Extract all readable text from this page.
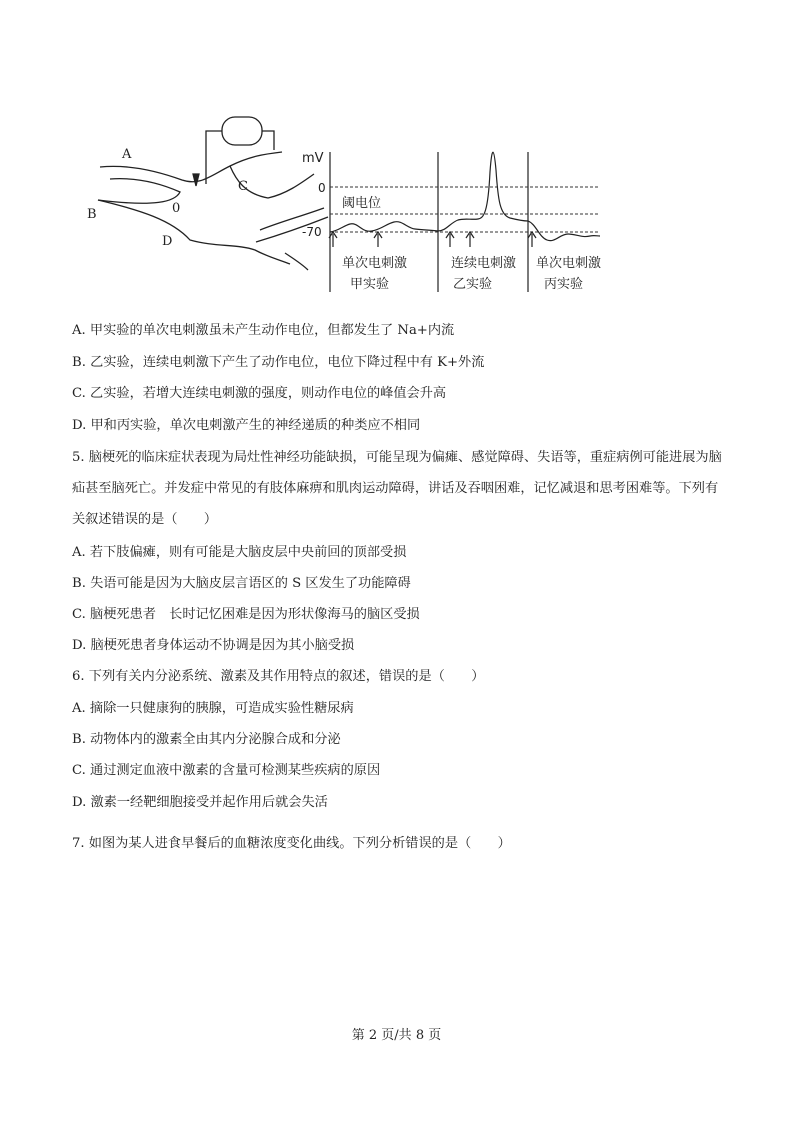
A
B
C
D
0
mV
0
-70
阈电位
单次电刺激
甲实验
连续电刺激
乙实验
单次电刺激
丙实验
A. 甲实验的单次电刺激虽未产生动作电位，但都发生了 Na+内流
B. 乙实验，连续电刺激下产生了动作电位，电位下降过程中有 K+外流
C. 乙实验，若增大连续电刺激的强度，则动作电位的峰值会升高
D. 甲和丙实验，单次电刺激产生的神经递质的种类应不相同
5. 脑梗死的临床症状表现为局灶性神经功能缺损，可能呈现为偏瘫、感觉障碍、失语等，重症病例可能进展为脑疝甚至脑死亡。并发症中常见的有肢体麻痹和肌肉运动障碍，讲话及吞咽困难，记忆减退和思考困难等。下列有关叙述错误的是（　　）
A. 若下肢偏瘫，则有可能是大脑皮层中央前回的顶部受损
B. 失语可能是因为大脑皮层言语区的 S 区发生了功能障碍
C. 脑梗死患者　长时记忆困难是因为形状像海马的脑区受损
D. 脑梗死患者身体运动不协调是因为其小脑受损
6. 下列有关内分泌系统、激素及其作用特点的叙述，错误的是（　　）
A. 摘除一只健康狗的胰腺，可造成实验性糖尿病
B. 动物体内的激素全由其内分泌腺合成和分泌
C. 通过测定血液中激素的含量可检测某些疾病的原因
D. 激素一经靶细胞接受并起作用后就会失活
7. 如图为某人进食早餐后的血糖浓度变化曲线。下列分析错误的是（　　）
第 2 页/共 8 页
